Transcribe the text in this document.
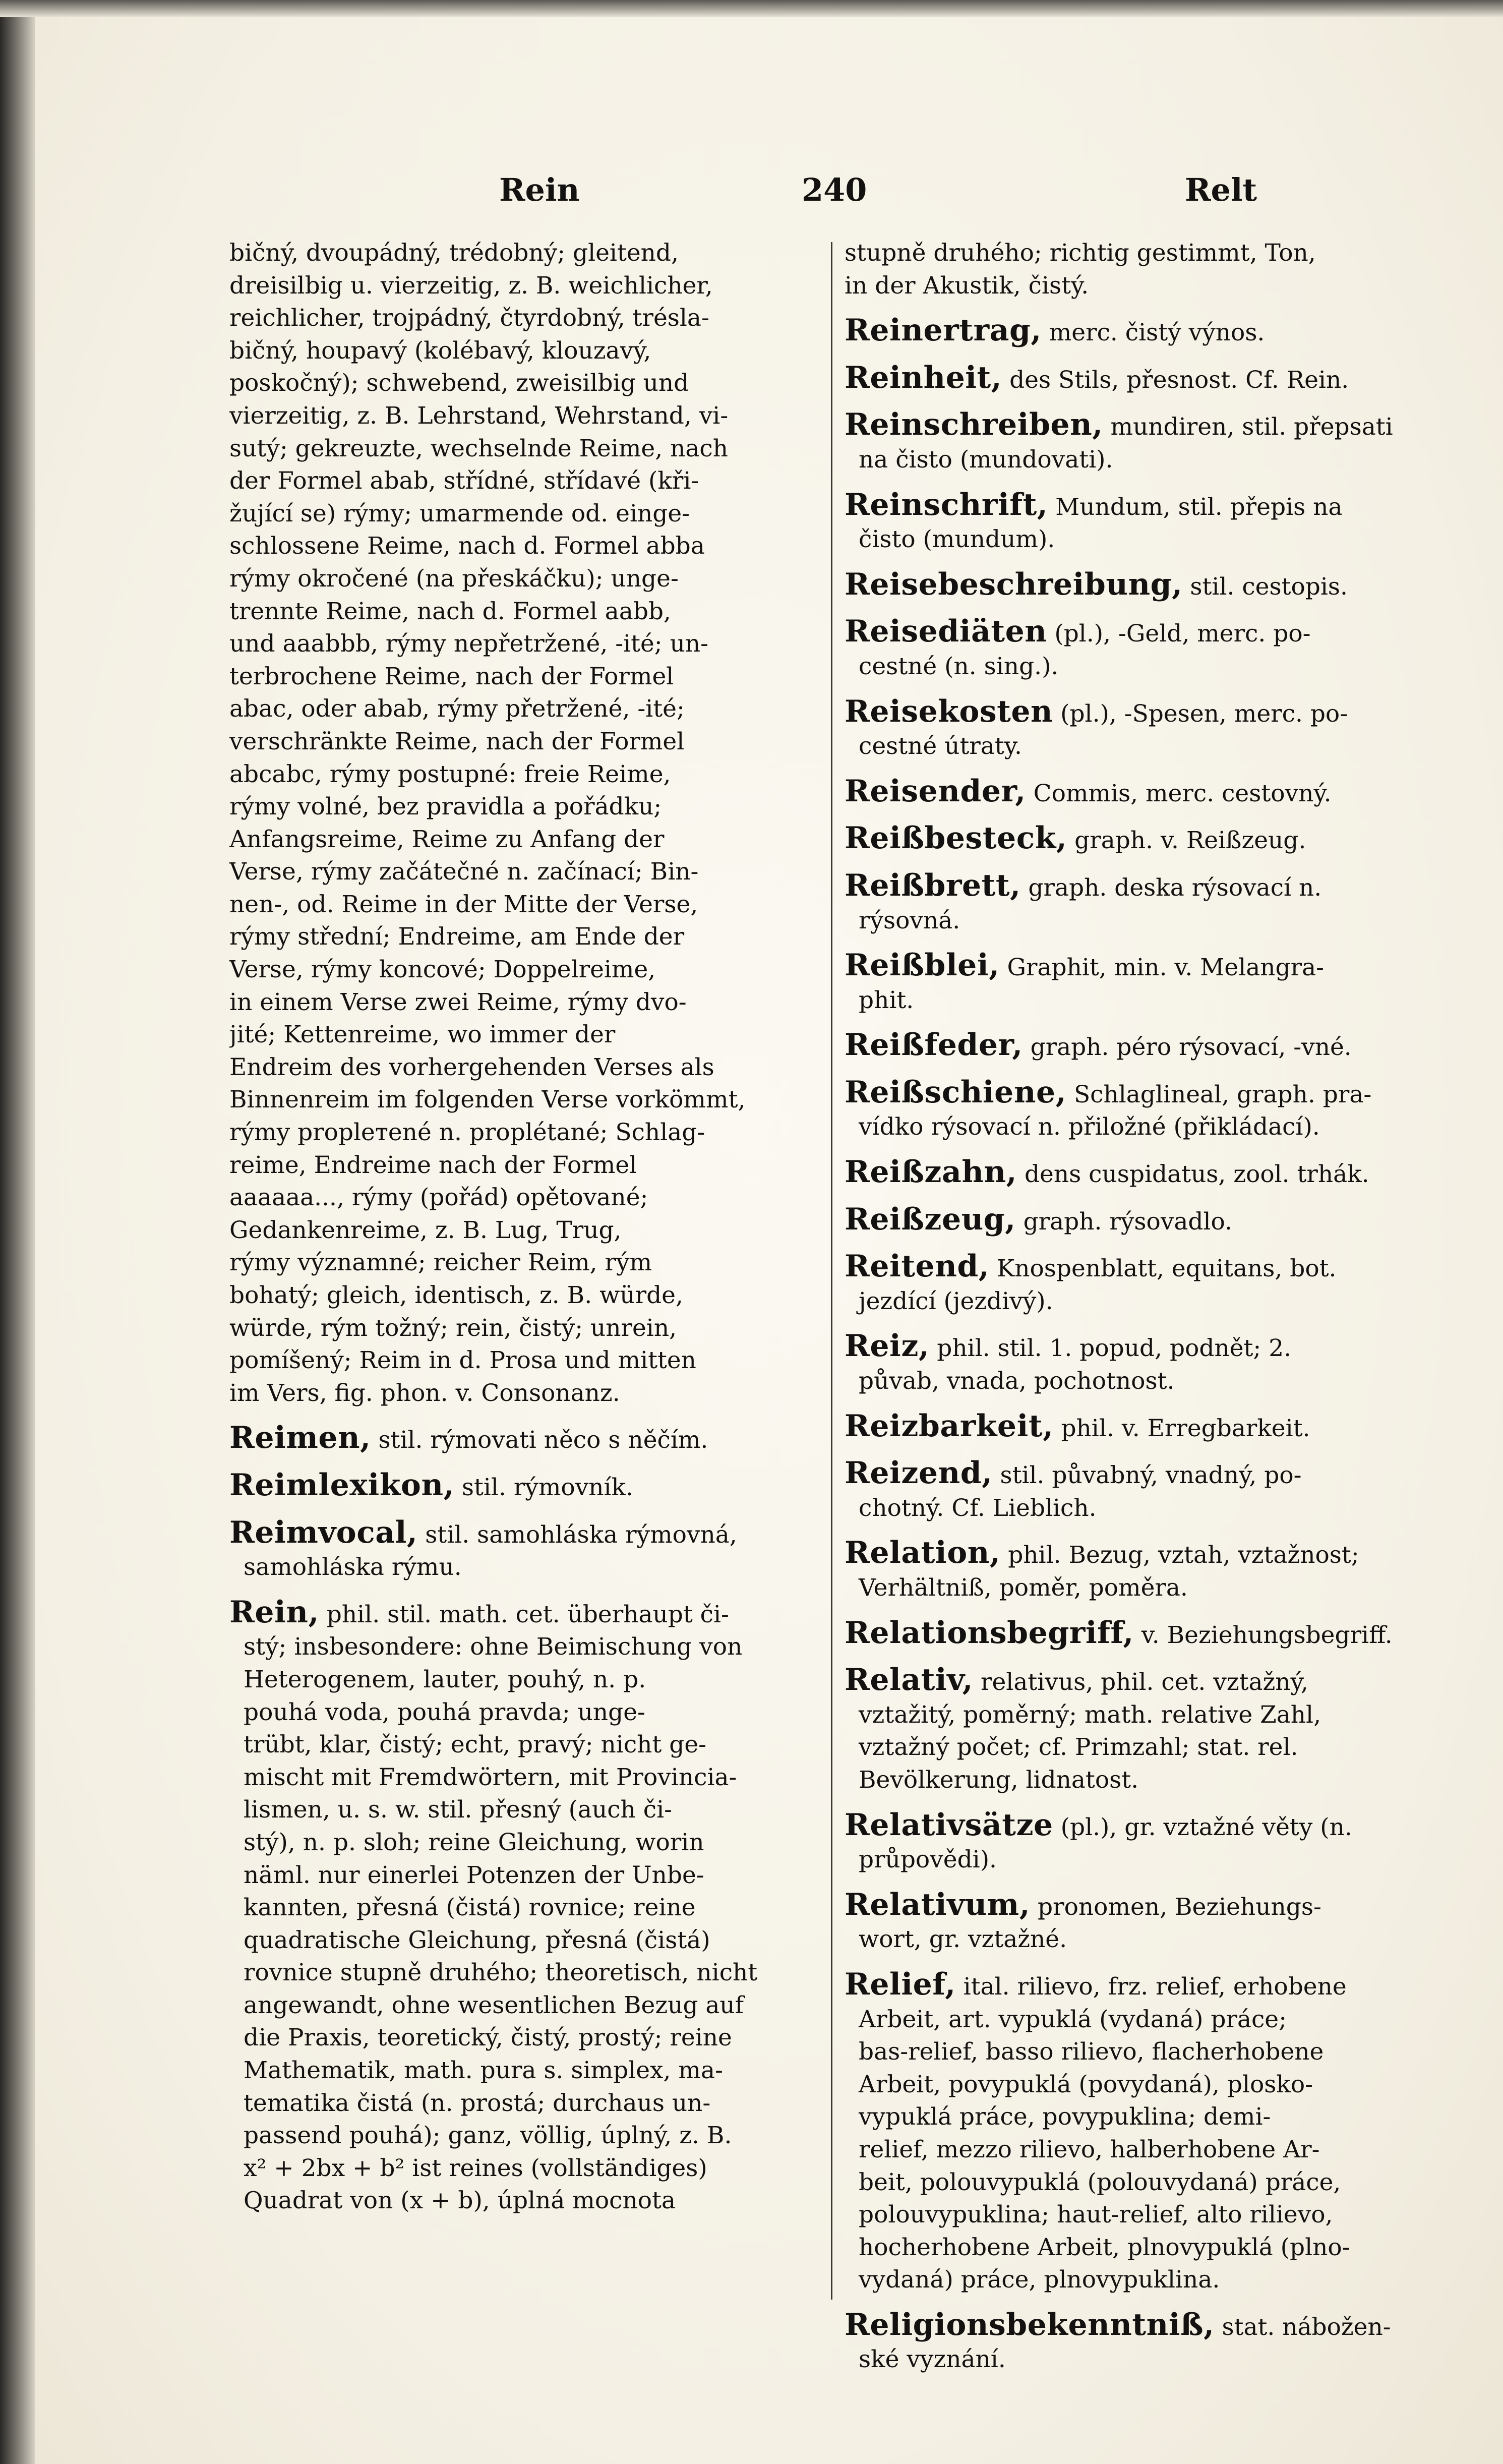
Rein	240	Relt
bičný, dvoupádný, trédobný; gleitend,
dreisilbig u. vierzeitig, z. B. weichlicher,
reichlicher, trojpádný, čtyrdobný, trésla-
bičný, houpavý (kolébavý, klouzavý,
poskočný); schwebend, zweisilbig und
vierzeitig, z. B. Lehrstand, Wehrstand, vi-
sutý; gekreuzte, wechselnde Reime, nach
der Formel abab, střídné, střídavé (kři-
žující se) rýmy; umarmende od. einge-
schlossene Reime, nach d. Formel abba
rýmy okročené (na přeskáčku); unge-
trennte Reime, nach d. Formel aabb,
und aaabbb, rýmy nepřetržené, -ité; un-
terbrochene Reime, nach der Formel
abac, oder abab, rýmy přetržené, -ité;
verschränkte Reime, nach der Formel
abcabc, rýmy postupné: freie Reime,
rýmy volné, bez pravidla a pořádku;
Anfangsreime, Reime zu Anfang der
Verse, rýmy začátečné n. začínací; Bin-
nen-, od. Reime in der Mitte der Verse,
rýmy střední; Endreime, am Ende der
Verse, rýmy koncové; Doppelreime,
in einem Verse zwei Reime, rýmy dvo-
jité; Kettenreime, wo immer der
Endreim des vorhergehenden Verses als
Binnenreim im folgenden Verse vorkömmt,
rýmy proplетené n. proplétané; Schlag-
reime, Endreime nach der Formel
aaaaaa..., rýmy (pořád) opětované;
Gedankenreime, z. B. Lug, Trug,
rýmy významné; reicher Reim, rým
bohatý; gleich, identisch, z. B. würde,
würde, rým tožný; rein, čistý; unrein,
pomíšený; Reim in d. Prosa und mitten
im Vers, fig. phon. v. Consonanz.
Reimen, stil. rýmovati něco s něčím.
Reimlexikon, stil. rýmovník.
Reimvocal, stil. samohláska rýmovná,
samohláska rýmu.
Rein, phil. stil. math. cet. überhaupt či-
stý; insbesondere: ohne Beimischung von
Heterogenem, lauter, pouhý, n. p.
pouhá voda, pouhá pravda; unge-
trübt, klar, čistý; echt, pravý; nicht ge-
mischt mit Fremdwörtern, mit Provincia-
lismen, u. s. w. stil. přesný (auch či-
stý), n. p. sloh; reine Gleichung, worin
näml. nur einerlei Potenzen der Unbe-
kannten, přesná (čistá) rovnice; reine
quadratische Gleichung, přesná (čistá)
rovnice stupně druhého; theoretisch, nicht
angewandt, ohne wesentlichen Bezug auf
die Praxis, teoretický, čistý, prostý; reine
Mathematik, math. pura s. simplex, ma-
tematika čistá (n. prostá; durchaus un-
passend pouhá); ganz, völlig, úplný, z. B.
x² + 2bx + b² ist reines (vollständiges)
Quadrat von (x + b), úplná mocnota
stupně druhého; richtig gestimmt, Ton,
in der Akustik, čistý.
Reinertrag, merc. čistý výnos.
Reinheit, des Stils, přesnost. Cf. Rein.
Reinschreiben, mundiren, stil. přepsati
na čisto (mundovati).
Reinschrift, Mundum, stil. přepis na
čisto (mundum).
Reisebeschreibung, stil. cestopis.
Reisediäten (pl.), -Geld, merc. po-
cestné (n. sing.).
Reisekosten (pl.), -Spesen, merc. po-
cestné útraty.
Reisender, Commis, merc. cestovný.
Reißbesteck, graph. v. Reißzeug.
Reißbrett, graph. deska rýsovací n.
rýsovná.
Reißblei, Graphit, min. v. Melangra-
phit.
Reißfeder, graph. péro rýsovací, -vné.
Reißschiene, Schlaglineal, graph. pra-
vídko rýsovací n. přiložné (přikládací).
Reißzahn, dens cuspidatus, zool. trhák.
Reißzeug, graph. rýsovadlo.
Reitend, Knospenblatt, equitans, bot.
jezdící (jezdivý).
Reiz, phil. stil. 1. popud, podnět; 2.
půvab, vnada, pochotnost.
Reizbarkeit, phil. v. Erregbarkeit.
Reizend, stil. půvabný, vnadný, po-
chotný. Cf. Lieblich.
Relation, phil. Bezug, vztah, vztažnost;
Verhältniß, poměr, poměra.
Relationsbegriff, v. Beziehungsbegriff.
Relativ, relativus, phil. cet. vztažný,
vztažitý, poměrný; math. relative Zahl,
vztažný počet; cf. Primzahl; stat. rel.
Bevölkerung, lidnatost.
Relativsätze (pl.), gr. vztažné věty (n.
průpovědi).
Relativum, pronomen, Beziehungs-
wort, gr. vztažné.
Relief, ital. rilievo, frz. relief, erhobene
Arbeit, art. vypuklá (vydaná) práce;
bas-relief, basso rilievo, flacherhobene
Arbeit, povypuklá (povydaná), plosko-
vypuklá práce, povypuklina; demi-
relief, mezzo rilievo, halberhobene Ar-
beit, polouvypuklá (polouvydaná) práce,
polouvypuklina; haut-relief, alto rilievo,
hocherhobene Arbeit, plnovypuklá (plno-
vydaná) práce, plnovypuklina.
Religionsbekenntniß, stat. nábožen-
ské vyznání.
